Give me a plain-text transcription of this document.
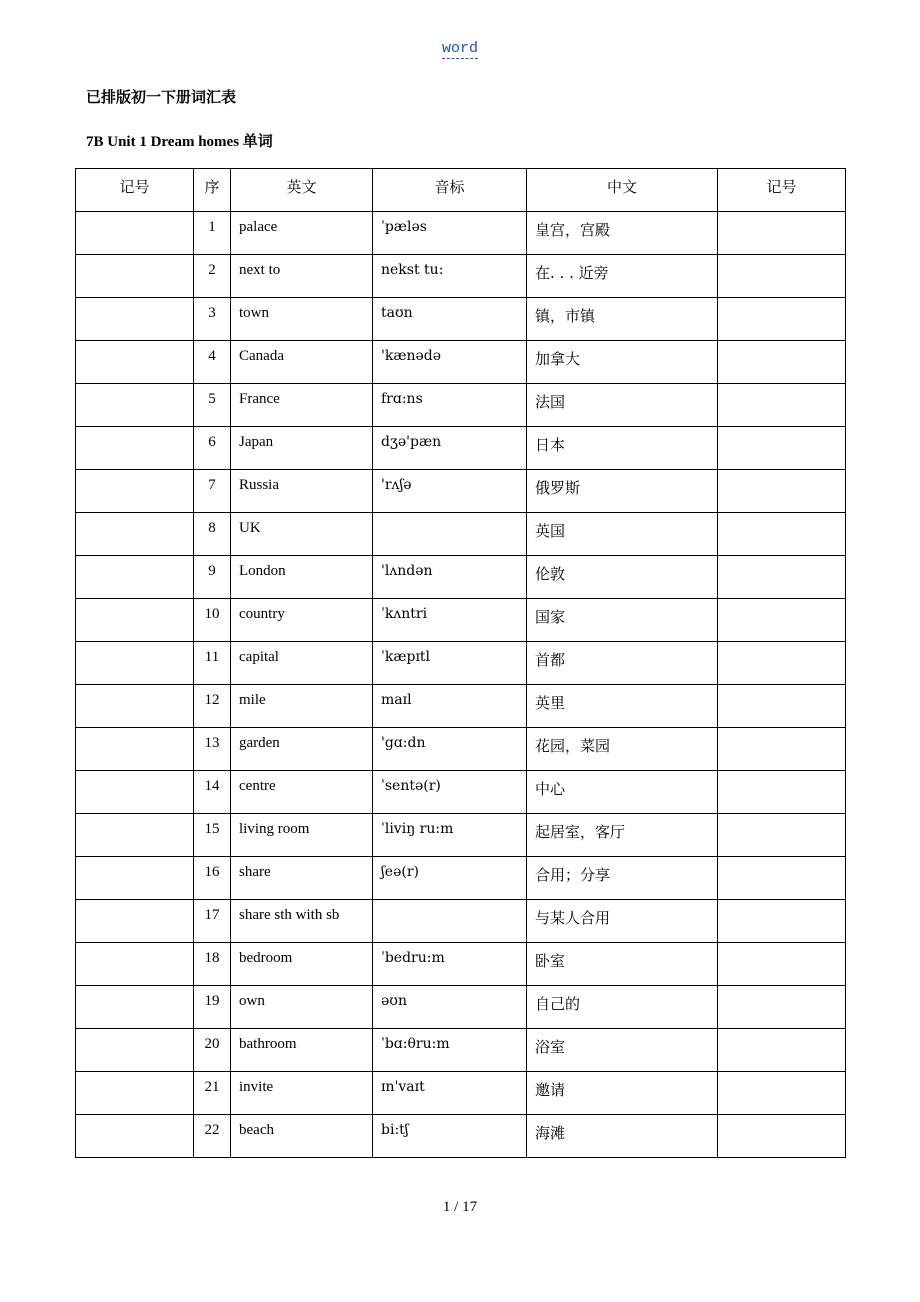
word
已排版初一下册词汇表
7B Unit 1 Dream homes 单词
记号	序	英文	音标	中文	记号
	1	palace	ˈpæləs	皇宫，宫殿	
	2	next to	nekst tu:	在. . . 近旁	
	3	town	taʊn	镇，市镇	
	4	Canada	'kænədə	加拿大	
	5	France	frɑ:ns	法国	
	6	Japan	dʒə'pæn	日本	
	7	Russia	'rʌʃə	俄罗斯	
	8	UK		英国	
	9	London	'lʌndən	伦敦	
	10	country	ˈkʌntri	国家	
	11	capital	ˈkæpɪtl	首都	
	12	mile	maɪl	英里	
	13	garden	'gɑ:dn	花园，菜园	
	14	centre	ˈsentə(r)	中心	
	15	living room	ˈliviŋ ru:m	起居室，客厅	
	16	share	ʃeə(r)	合用；分享	
	17	share sth with sb		与某人合用	
	18	bedroom	ˈbedru:m	卧室	
	19	own	əʊn	自己的	
	20	bathroom	ˈbɑ:θru:m	浴室	
	21	invite	ɪn'vaɪt	邀请	
	22	beach	bi:tʃ	海滩	
1 / 17
